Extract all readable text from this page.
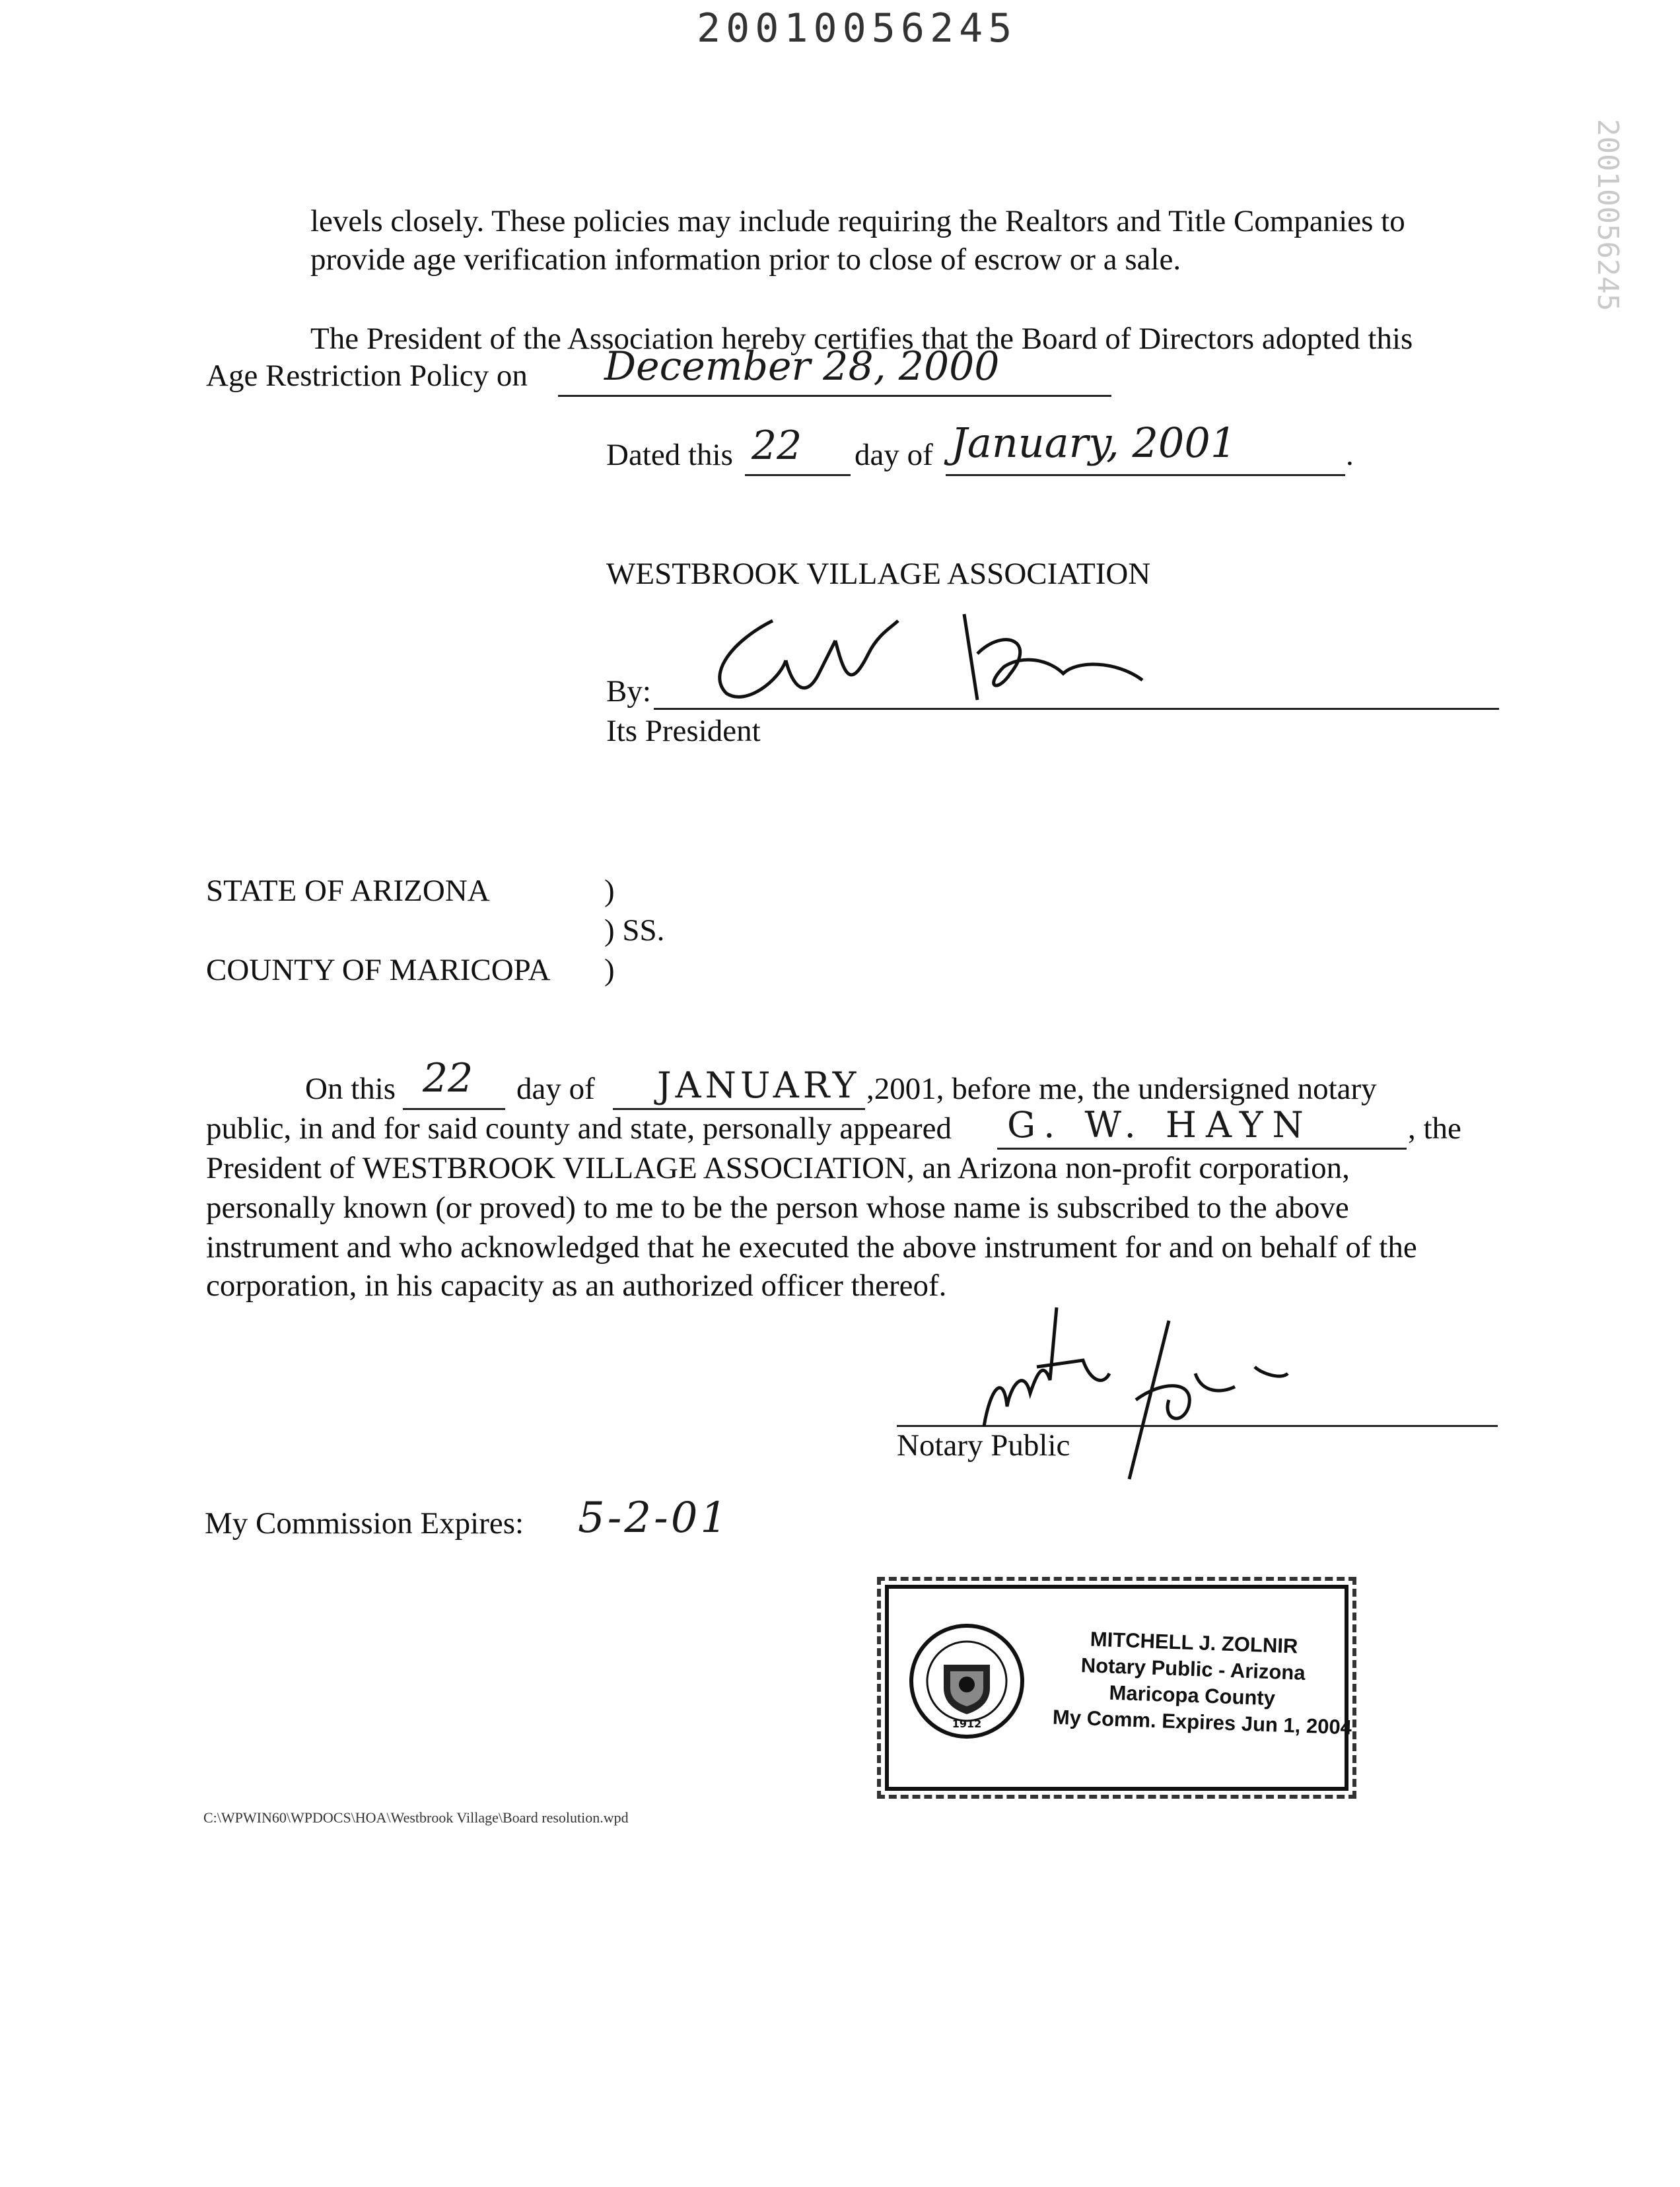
20010056245
20010056245
levels closely. These policies may include requiring the Realtors and Title Companies to
provide age verification information prior to close of escrow or a sale.
The President of the Association hereby certifies that the Board of Directors adopted this
Age Restriction Policy on December 28, 2000
Dated this 22 day of January, 2001	.
WESTBROOK VILLAGE ASSOCIATION
By:
Its President
STATE OF ARIZONA	)
) SS.
COUNTY OF MARICOPA )
On this 22 day of JANUARY ,2001, before me, the undersigned notary
public, in and for said county and state, personally appeared G. W. HAYN	, the
President of WESTBROOK VILLAGE ASSOCIATION, an Arizona non-profit corporation,
personally known (or proved) to me to be the person whose name is subscribed to the above
instrument and who acknowledged that he executed the above instrument for and on behalf of the
corporation, in his capacity as an authorized officer thereof.
Notary Public
My Commission Expires: 5-2-01
1912
MITCHELL J. ZOLNIR
Notary Public - Arizona
Maricopa County
My Comm. Expires Jun 1, 2004
C:\WPWIN60\WPDOCS\HOA\Westbrook Village\Board resolution.wpd
